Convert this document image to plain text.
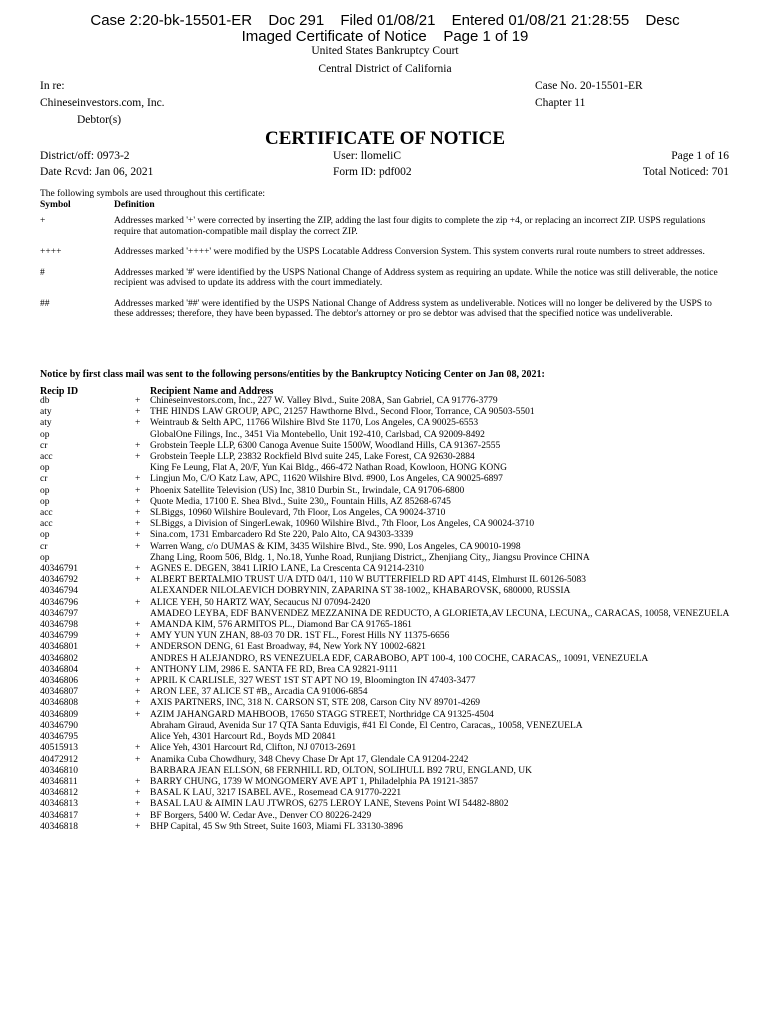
Case 2:20-bk-15501-ER Doc 291 Filed 01/08/21 Entered 01/08/21 21:28:55 Desc
Imaged Certificate of Notice    Page 1 of 19
United States Bankruptcy Court
Central District of California
In re:
Chineseinvestors.com, Inc.
Debtor(s)
Case No. 20-15501-ER
Chapter 11
CERTIFICATE OF NOTICE
District/off: 0973-2
Date Rcvd: Jan 06, 2021
User: llomeliC
Form ID: pdf002
Page 1 of 16
Total Noticed: 701
The following symbols are used throughout this certificate:
Symbol	Definition
+	Addresses marked '+' were corrected by inserting the ZIP, adding the last four digits to complete the zip +4, or replacing an incorrect ZIP. USPS regulations require that automation-compatible mail display the correct ZIP.
++++	Addresses marked '++++' were modified by the USPS Locatable Address Conversion System. This system converts rural route numbers to street addresses.
#	Addresses marked '#' were identified by the USPS National Change of Address system as requiring an update. While the notice was still deliverable, the notice recipient was advised to update its address with the court immediately.
##	Addresses marked '##' were identified by the USPS National Change of Address system as undeliverable. Notices will no longer be delivered by the USPS to these addresses; therefore, they have been bypassed. The debtor's attorney or pro se debtor was advised that the specified notice was undeliverable.
Notice by first class mail was sent to the following persons/entities by the Bankruptcy Noticing Center on Jan 08, 2021:
Recip ID	Recipient Name and Address
db	+	Chineseinvestors.com, Inc., 227 W. Valley Blvd., Suite 208A, San Gabriel, CA 91776-3779
aty	+	THE HINDS LAW GROUP, APC, 21257 Hawthorne Blvd., Second Floor, Torrance, CA 90503-5501
aty	+	Weintraub & Selth APC, 11766 Wilshire Blvd Ste 1170, Los Angeles, CA 90025-6553
op	GlobalOne Filings, Inc., 3451 Via Montebello, Unit 192-410, Carlsbad, CA 92009-8492
cr	+	Grobstein Teeple LLP, 6300 Canoga Avenue Suite 1500W, Woodland Hills, CA 91367-2555
acc	+	Grobstein Teeple LLP, 23832 Rockfield Blvd suite 245, Lake Forest, CA 92630-2884
op	King Fe Leung, Flat A, 20/F, Yun Kai Bldg., 466-472 Nathan Road, Kowloon, HONG KONG
cr	+	Lingjun Mo, C/O Katz Law, APC, 11620 Wilshire Blvd. #900, Los Angeles, CA 90025-6897
op	+	Phoenix Satellite Television (US) Inc, 3810 Durbin St., Irwindale, CA 91706-6800
op	+	Quote Media, 17100 E. Shea Blvd., Suite 230,, Fountain Hills, AZ 85268-6745
acc	+	SLBiggs, 10960 Wilshire Boulevard, 7th Floor, Los Angeles, CA 90024-3710
acc	+	SLBiggs, a Division of SingerLewak, 10960 Wilshire Blvd., 7th Floor, Los Angeles, CA 90024-3710
op	+	Sina.com, 1731 Embarcadero Rd Ste 220, Palo Alto, CA 94303-3339
cr	+	Warren Wang, c/o DUMAS & KIM, 3435 Wilshire Blvd., Ste. 990, Los Angeles, CA 90010-1998
op	Zhang Ling, Room 506, Bldg. 1, No.18, Yunhe Road, Runjiang District,, Zhenjiang City,, Jiangsu Province CHINA
40346791	+	AGNES E. DEGEN, 3841 LIRIO LANE, La Crescenta CA 91214-2310
40346792	+	ALBERT BERTALMIO TRUST U/A DTD 04/1, 110 W BUTTERFIELD RD APT 414S, Elmhurst IL 60126-5083
40346794	ALEXANDER NILOLAEVICH DOBRYNIN, ZAPARINA ST 38-1002,, KHABAROVSK, 680000, RUSSIA
40346796	+	ALICE YEH, 50 HARTZ WAY, Secaucus NJ 07094-2420
40346797	AMADEO LEYBA, EDF BANVENDEZ MEZZANINA DE REDUCTO, A GLORIETA,AV LECUNA, LECUNA,, CARACAS, 10058, VENEZUELA
40346798	+	AMANDA KIM, 576 ARMITOS PL., Diamond Bar CA 91765-1861
40346799	+	AMY YUN YUN ZHAN, 88-03 70 DR. 1ST FL., Forest Hills NY 11375-6656
40346801	+	ANDERSON DENG, 61 East Broadway, #4, New York NY 10002-6821
40346802	ANDRES H ALEJANDRO, RS VENEZUELA EDF, CARABOBO, APT 100-4, 100 COCHE, CARACAS,, 10091, VENEZUELA
40346804	+	ANTHONY LIM, 2986 E. SANTA FE RD, Brea CA 92821-9111
40346806	+	APRIL K CARLISLE, 327 WEST 1ST ST APT NO 19, Bloomington IN 47403-3477
40346807	+	ARON LEE, 37 ALICE ST #B,, Arcadia CA 91006-6854
40346808	+	AXIS PARTNERS, INC, 318 N. CARSON ST, STE 208, Carson City NV 89701-4269
40346809	+	AZIM JAHANGARD MAHBOOB, 17650 STAGG STREET, Northridge CA 91325-4504
40346790	Abraham Giraud, Avenida Sur 17 QTA Santa Eduvigis, #41 El Conde, El Centro, Caracas,, 10058, VENEZUELA
40346795	Alice Yeh, 4301 Harcourt Rd., Boyds MD 20841
40515913	+	Alice Yeh, 4301 Harcourt Rd, Clifton, NJ 07013-2691
40472912	+	Anamika Cuba Chowdhury, 348 Chevy Chase Dr Apt 17, Glendale CA 91204-2242
40346810	BARBARA JEAN ELLSON, 68 FERNHILL RD, OLTON, SOLIHULL B92 7RU, ENGLAND, UK
40346811	+	BARRY CHUNG, 1739 W MONGOMERY AVE APT 1, Philadelphia PA 19121-3857
40346812	+	BASAL K LAU, 3217 ISABEL AVE., Rosemead CA 91770-2221
40346813	+	BASAL LAU & AIMIN LAU JTWROS, 6275 LEROY LANE, Stevens Point WI 54482-8802
40346817	+	BF Borgers, 5400 W. Cedar Ave., Denver CO 80226-2429
40346818	+	BHP Capital, 45 Sw 9th Street, Suite 1603, Miami FL 33130-3896
